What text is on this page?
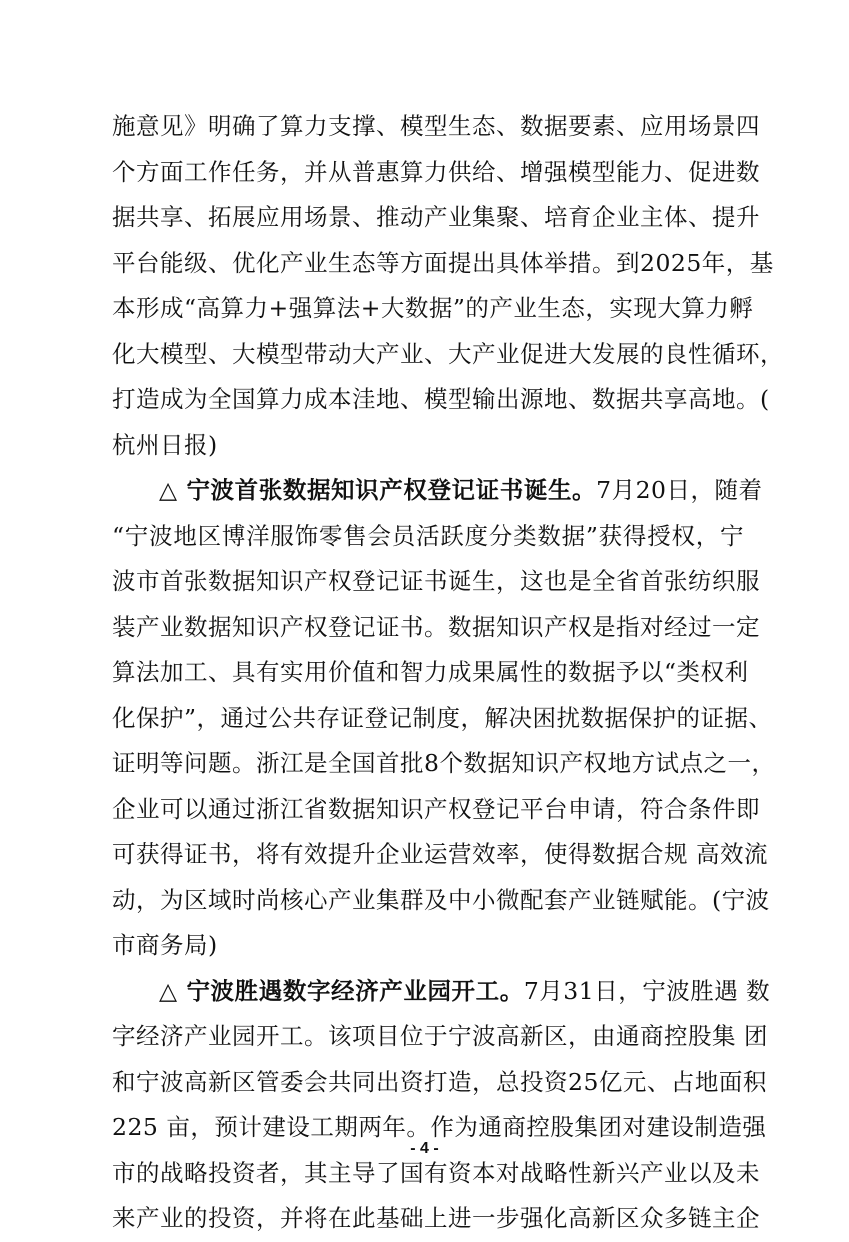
施意见》明确了算力支撑、模型生态、数据要素、应用场景四
个方面工作任务，并从普惠算力供给、增强模型能力、促进数
据共享、拓展应用场景、推动产业集聚、培育企业主体、提升
平台能级、优化产业生态等方面提出具体举措。到2025年，基
本形成“高算力+强算法+大数据”的产业生态，实现大算力孵
化大模型、大模型带动大产业、大产业促进大发展的良性循环，
打造成为全国算力成本洼地、模型输出源地、数据共享高地。(
杭州日报)
△ 宁波首张数据知识产权登记证书诞生。7月20日，随着
“宁波地区博洋服饰零售会员活跃度分类数据”获得授权，宁
波市首张数据知识产权登记证书诞生，这也是全省首张纺织服
装产业数据知识产权登记证书。数据知识产权是指对经过一定
算法加工、具有实用价值和智力成果属性的数据予以“类权利
化保护”，通过公共存证登记制度，解决困扰数据保护的证据、
证明等问题。浙江是全国首批8个数据知识产权地方试点之一，
企业可以通过浙江省数据知识产权登记平台申请，符合条件即
可获得证书，将有效提升企业运营效率，使得数据合规 高效流
动，为区域时尚核心产业集群及中小微配套产业链赋能。(宁波
市商务局)
△ 宁波胜遇数字经济产业园开工。7月31日，宁波胜遇 数
字经济产业园开工。该项目位于宁波高新区，由通商控股集 团
和宁波高新区管委会共同出资打造，总投资25亿元、占地面积
225 亩，预计建设工期两年。作为通商控股集团对建设制造强
市的战略投资者，其主导了国有资本对战略性新兴产业以及未
来产业的投资，并将在此基础上进一步强化高新区众多链主企
- 4 -
